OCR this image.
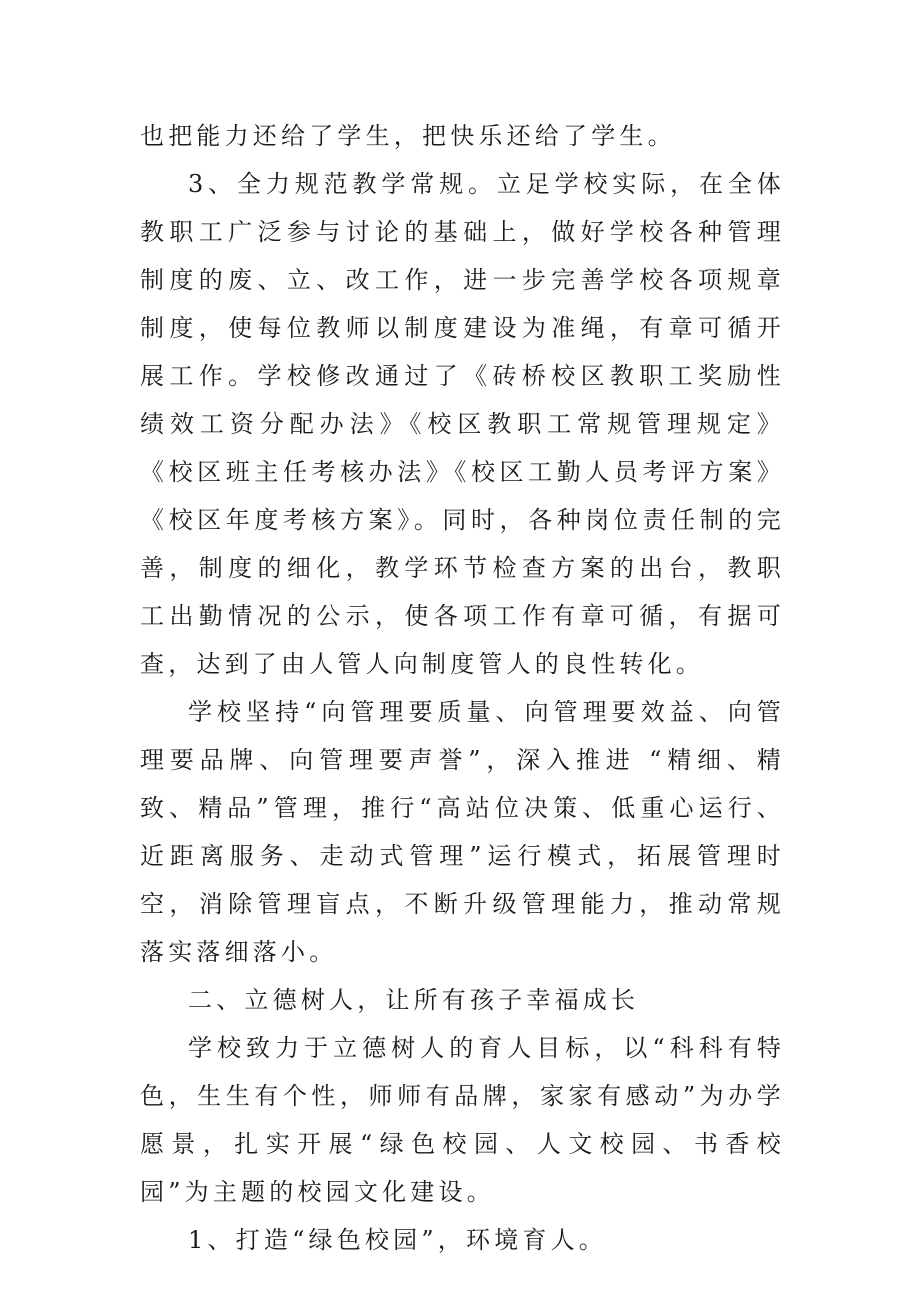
也把能力还给了学生，把快乐还给了学生。

3、全力规范教学常规。立足学校实际，在全体教职工广泛参与讨论的基础上，做好学校各种管理制度的废、立、改工作，进一步完善学校各项规章制度，使每位教师以制度建设为准绳，有章可循开展工作。学校修改通过了《砖桥校区教职工奖励性绩效工资分配办法》《校区教职工常规管理规定》《校区班主任考核办法》《校区工勤人员考评方案》《校区年度考核方案》。同时，各种岗位责任制的完善，制度的细化，教学环节检查方案的出台，教职工出勤情况的公示，使各项工作有章可循，有据可查，达到了由人管人向制度管人的良性转化。

学校坚持“向管理要质量、向管理要效益、向管理要品牌、向管理要声誉”，深入推进 “精细、精致、精品”管理，推行“高站位决策、低重心运行、近距离服务、走动式管理”运行模式，拓展管理时空，消除管理盲点，不断升级管理能力，推动常规落实落细落小。

二、立德树人，让所有孩子幸福成长

学校致力于立德树人的育人目标，以“科科有特色，生生有个性，师师有品牌，家家有感动”为办学愿景，扎实开展“绿色校园、人文校园、书香校园”为主题的校园文化建设。

1、打造“绿色校园”，环境育人。
